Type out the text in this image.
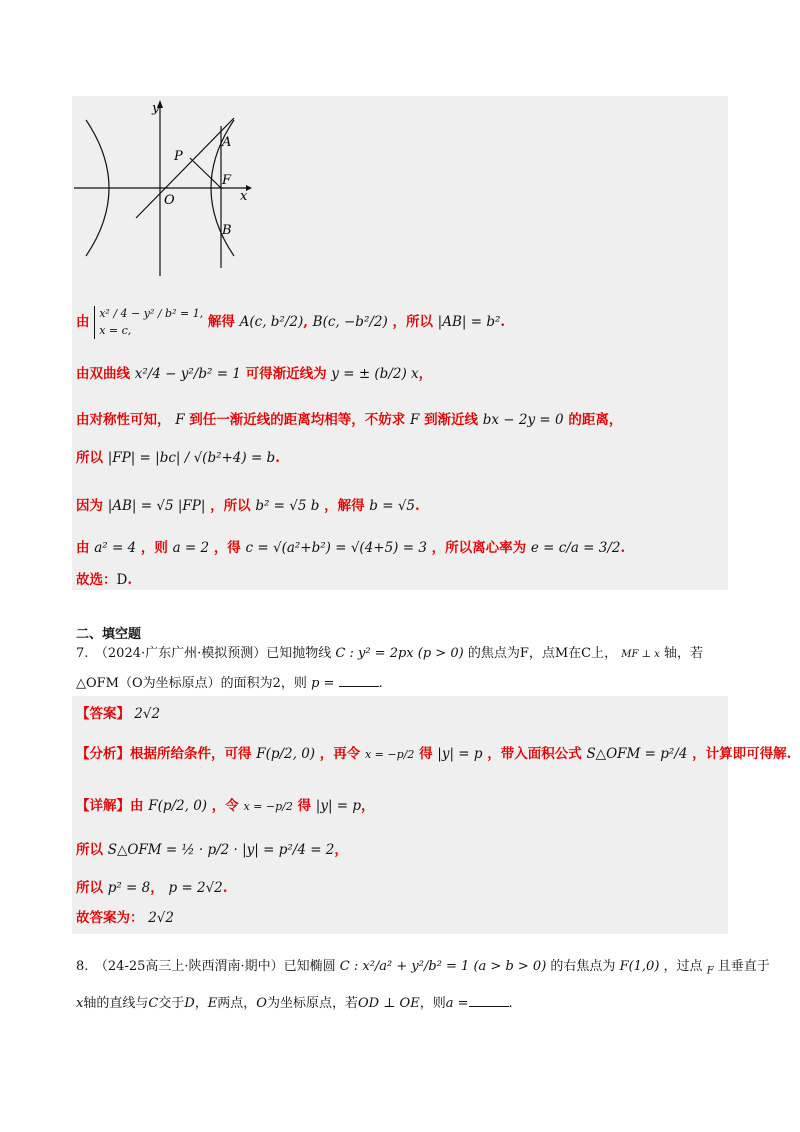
y
x
P
A
F
O
B
由
x² / 4 − y² / b² = 1,
x = c,	解得 A(c, b²/2), B(c, −b²/2) ，所以 |AB| = b².
由双曲线 x²/4 − y²/b² = 1 可得渐近线为 y = ± (b/2) x，
由对称性可知， F 到任一渐近线的距离均相等，不妨求 F 到渐近线 bx − 2y = 0 的距离，
所以 |FP| = |bc| / √(b²+4) = b.
因为 |AB| = √5 |FP| ，所以 b² = √5 b ，解得 b = √5.
由 a² = 4 ，则 a = 2 ，得 c = √(a²+b²) = √(4+5) = 3 ，所以离心率为 e = c/a = 3/2.
故选：D.
二、填空题
7.　（2024·广东广州·模拟预测）已知抛物线 C : y² = 2px (p > 0) 的焦点为F，点M在C上， MF ⊥ x 轴，若
△OFM（O为坐标原点）的面积为2，则 p =	.
【答案】 2√2
【分析】根据所给条件，可得 F(p/2, 0) ，再令 x = −p/2 得 |y| = p ，带入面积公式 S△OFM = p²/4 ，计算即可得解.
【详解】由 F(p/2, 0) ，令 x = −p/2 得 |y| = p，
所以 S△OFM = ½ · p/2 · |y| = p²/4 = 2，
所以 p² = 8， p = 2√2.
故答案为： 2√2
8.　（24-25高三上·陕西渭南·期中）已知椭圆 C : x²/a² + y²/b² = 1 (a > b > 0) 的右焦点为 F(1,0) ，过点 $_F$ 且垂直于
x轴的直线与C交于D，E两点，O为坐标原点，若OD ⊥ OE，则a =	.
